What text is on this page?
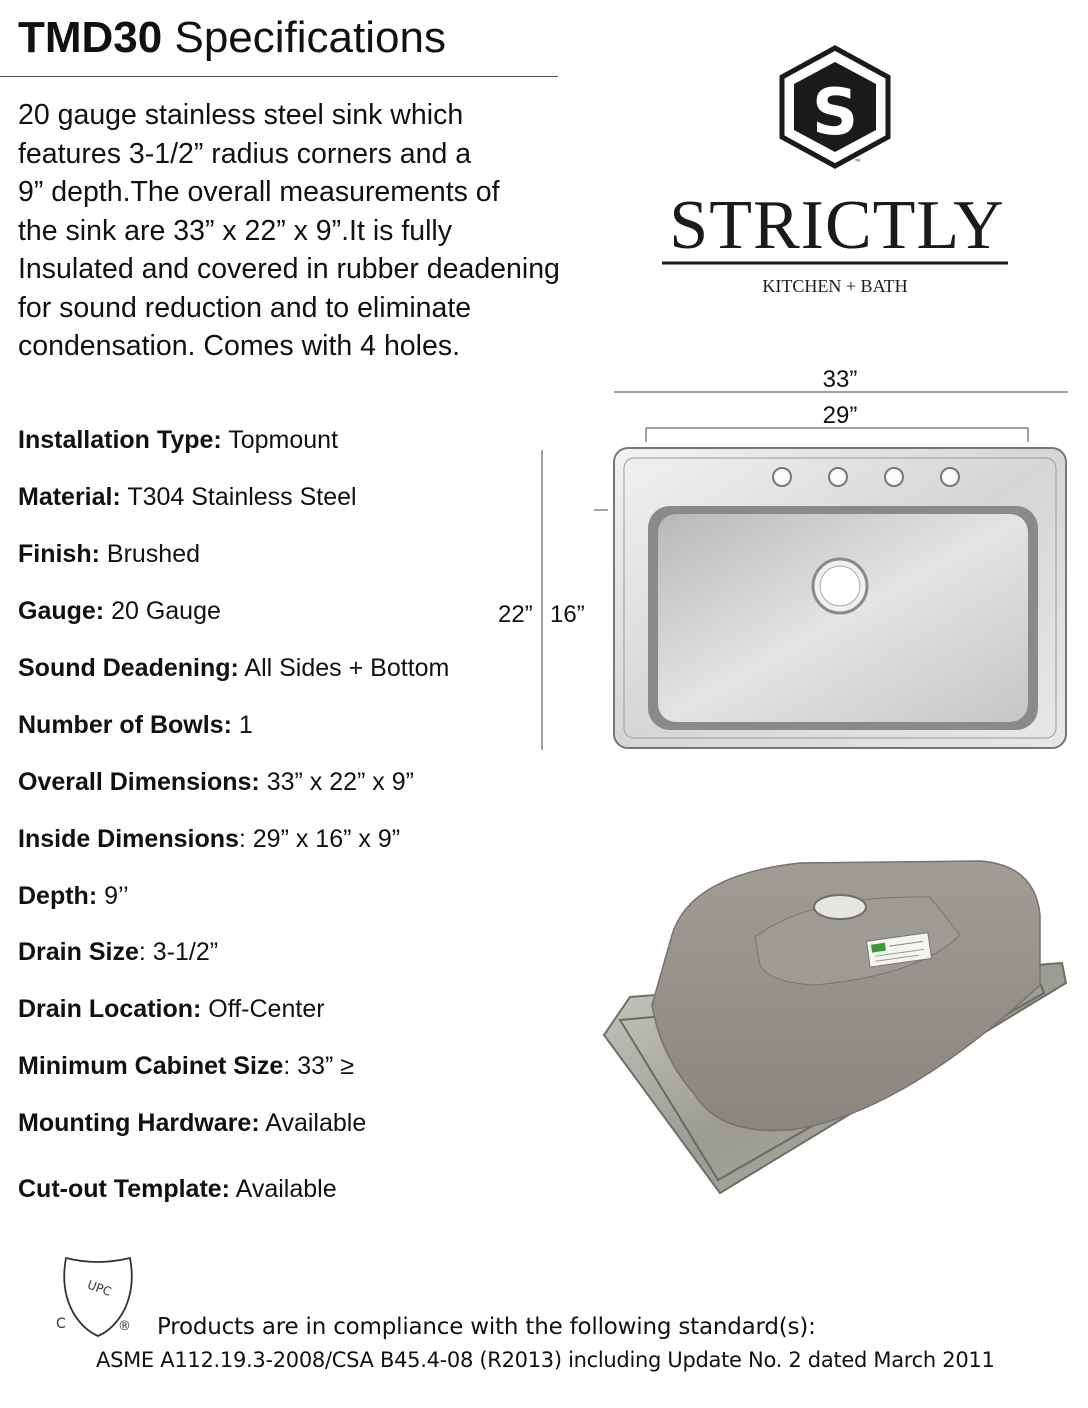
TMD30 Specifications
20 gauge stainless steel sink which
features 3-1/2” radius corners and a
9” depth.The overall measurements of
the sink are 33” x 22” x 9”.It is fully
Insulated and covered in rubber deadening
for sound reduction and to eliminate
condensation. Comes with 4 holes.
Installation Type: Topmount
Material: T304 Stainless Steel
Finish: Brushed
Gauge: 20 Gauge
Sound Deadening: All Sides + Bottom
Number of Bowls: 1
Overall Dimensions: 33” x 22” x 9”
Inside Dimensions: 29” x 16” x 9”
Depth: 9’’
Drain Size: 3-1/2”
Drain Location: Off-Center
Minimum Cabinet Size: 33” ≥
Mounting Hardware: Available
Cut-out Template: Available
S
™
STRICTLY
KITCHEN + BATH
33”
29”
22” 16”
UPC
C	® Products are in compliance with the following standard(s):
ASME A112.19.3-2008/CSA B45.4-08 (R2013) including Update No. 2 dated March 2011
